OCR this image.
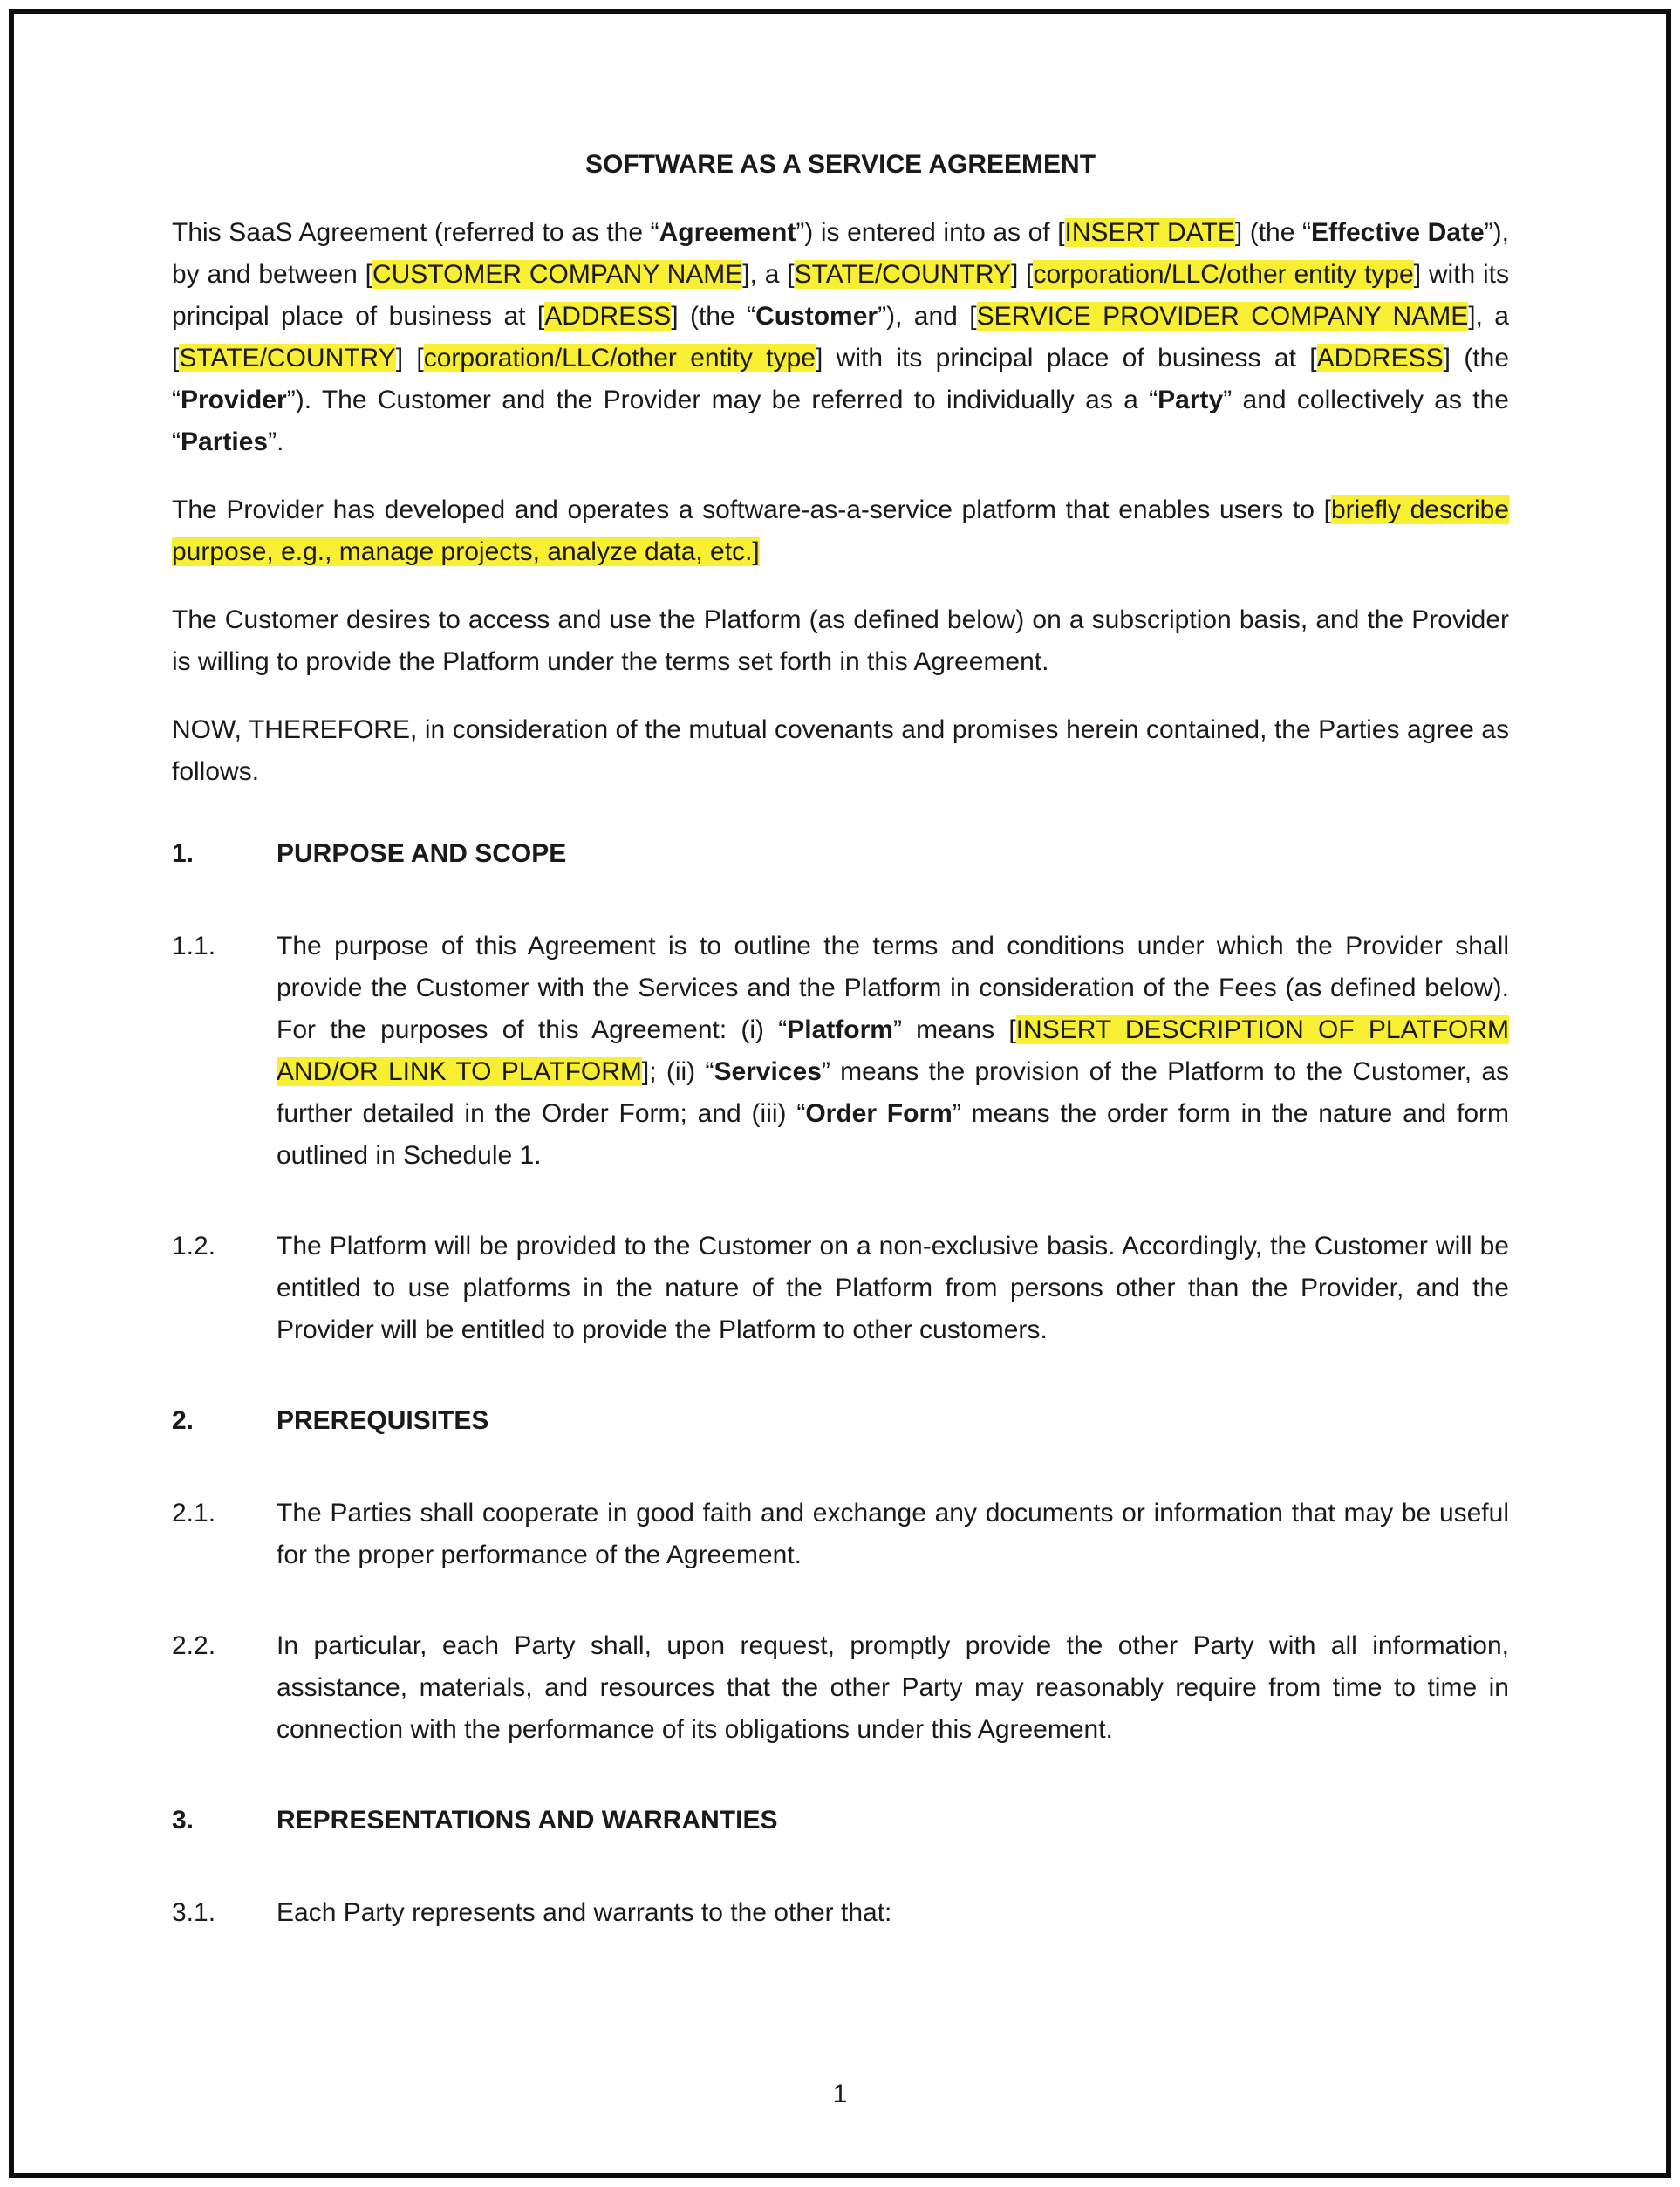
SOFTWARE AS A SERVICE AGREEMENT

This SaaS Agreement (referred to as the “Agreement”) is entered into as of [INSERT DATE] (the “Effective Date”), by and between [CUSTOMER COMPANY NAME], a [STATE/COUNTRY] [corporation/LLC/other entity type] with its principal place of business at [ADDRESS] (the “Customer”), and [SERVICE PROVIDER COMPANY NAME], a [STATE/COUNTRY] [corporation/LLC/other entity type] with its principal place of business at [ADDRESS] (the “Provider”). The Customer and the Provider may be referred to individually as a “Party” and collectively as the “Parties”.

The Provider has developed and operates a software-as-a-service platform that enables users to [briefly describe purpose, e.g., manage projects, analyze data, etc.]

The Customer desires to access and use the Platform (as defined below) on a subscription basis, and the Provider is willing to provide the Platform under the terms set forth in this Agreement.

NOW, THEREFORE, in consideration of the mutual covenants and promises herein contained, the Parties agree as follows.

1.	PURPOSE AND SCOPE
1.1.	The purpose of this Agreement is to outline the terms and conditions under which the Provider shall provide the Customer with the Services and the Platform in consideration of the Fees (as defined below). For the purposes of this Agreement: (i) “Platform” means [INSERT DESCRIPTION OF PLATFORM AND/OR LINK TO PLATFORM]; (ii) “Services” means the provision of the Platform to the Customer, as further detailed in the Order Form; and (iii) “Order Form” means the order form in the nature and form outlined in Schedule 1.

1.2.	The Platform will be provided to the Customer on a non-exclusive basis. Accordingly, the Customer will be entitled to use platforms in the nature of the Platform from persons other than the Provider, and the Provider will be entitled to provide the Platform to other customers.

2.	PREREQUISITES
2.1.	The Parties shall cooperate in good faith and exchange any documents or information that may be useful for the proper performance of the Agreement.

2.2.	In particular, each Party shall, upon request, promptly provide the other Party with all information, assistance, materials, and resources that the other Party may reasonably require from time to time in connection with the performance of its obligations under this Agreement.

3.	REPRESENTATIONS AND WARRANTIES
3.1.	Each Party represents and warrants to the other that:

1
